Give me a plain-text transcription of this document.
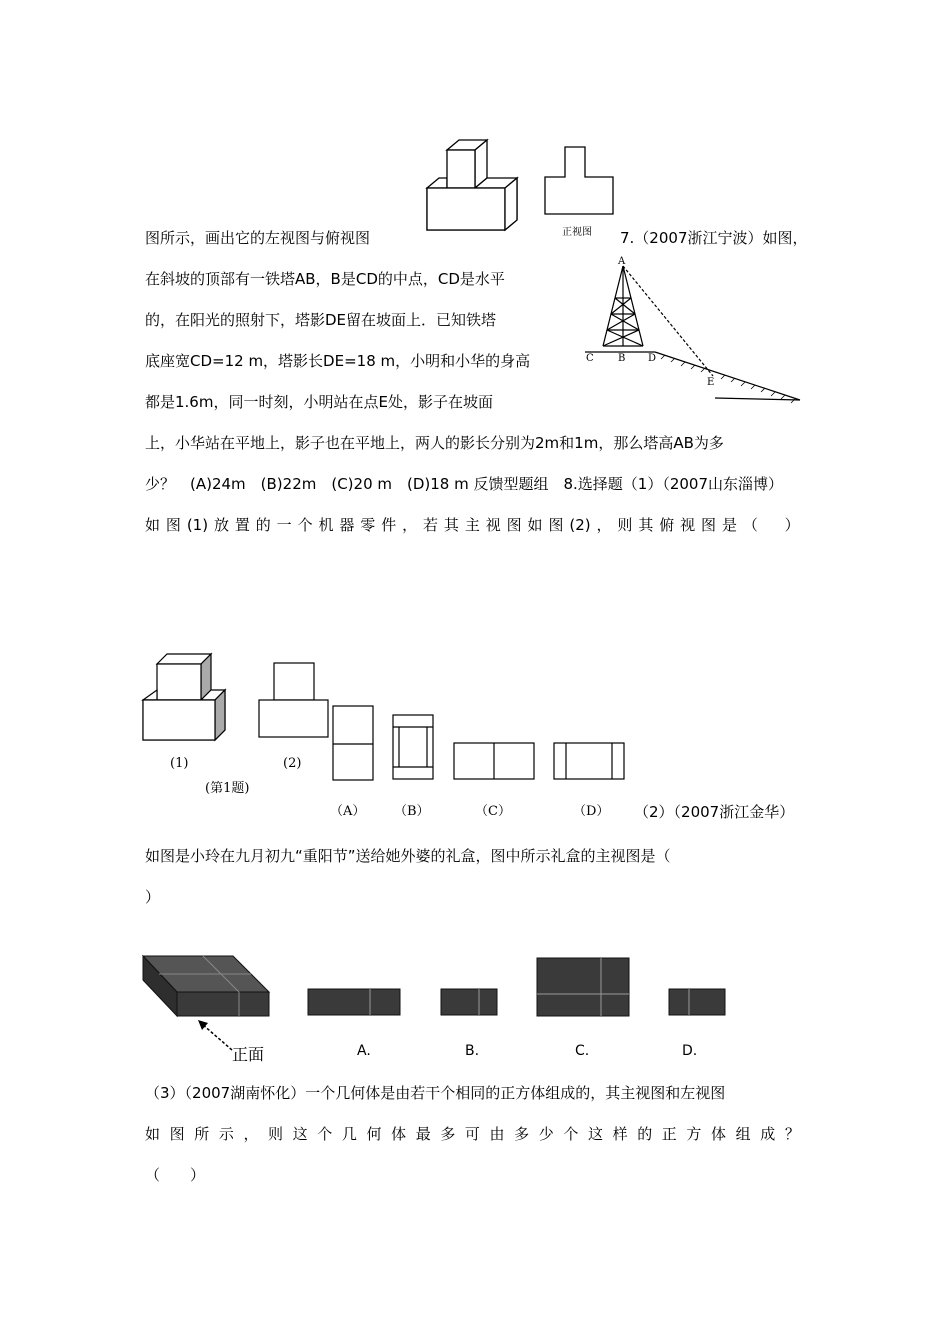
正视图
图所示，画出它的左视图与俯视图	7.（2007浙江宁波）如图，
在斜坡的顶部有一铁塔AB，B是CD的中点，CD是水平
的，在阳光的照射下，塔影DE留在坡面上．已知铁塔
底座宽CD=12 m，塔影长DE=18 m，小明和小华的身高
都是1.6m，同一时刻，小明站在点E处，影子在坡面
A
C B D
E
上，小华站在平地上，影子也在平地上，两人的影长分别为2m和1m，那么塔高AB为多
少？　(A)24m　(B)22m　(C)20 m　(D)18 m 反馈型题组　8.选择题（1）（2007山东淄博）
如 图 (1) 放 置 的 一 个 机 器 零 件 ， 若 其 主 视 图 如 图 (2) ， 则 其 俯 视 图 是 （
　 ）
(1)	(2)
(第1题)
（A） （B）	（C）	（D） （2）（2007浙江金华）
如图是小玲在九月初九“重阳节”送给她外婆的礼盒，图中所示礼盒的主视图是（
）
正面	A.	B.	C.	D.
（3）（2007湖南怀化）一个几何体是由若干个相同的正方体组成的，其主视图和左视图
如 图 所 示 ， 则 这 个 几 何 体 最 多 可 由 多 少 个 这 样 的 正 方 体 组 成 ？
（　　）
